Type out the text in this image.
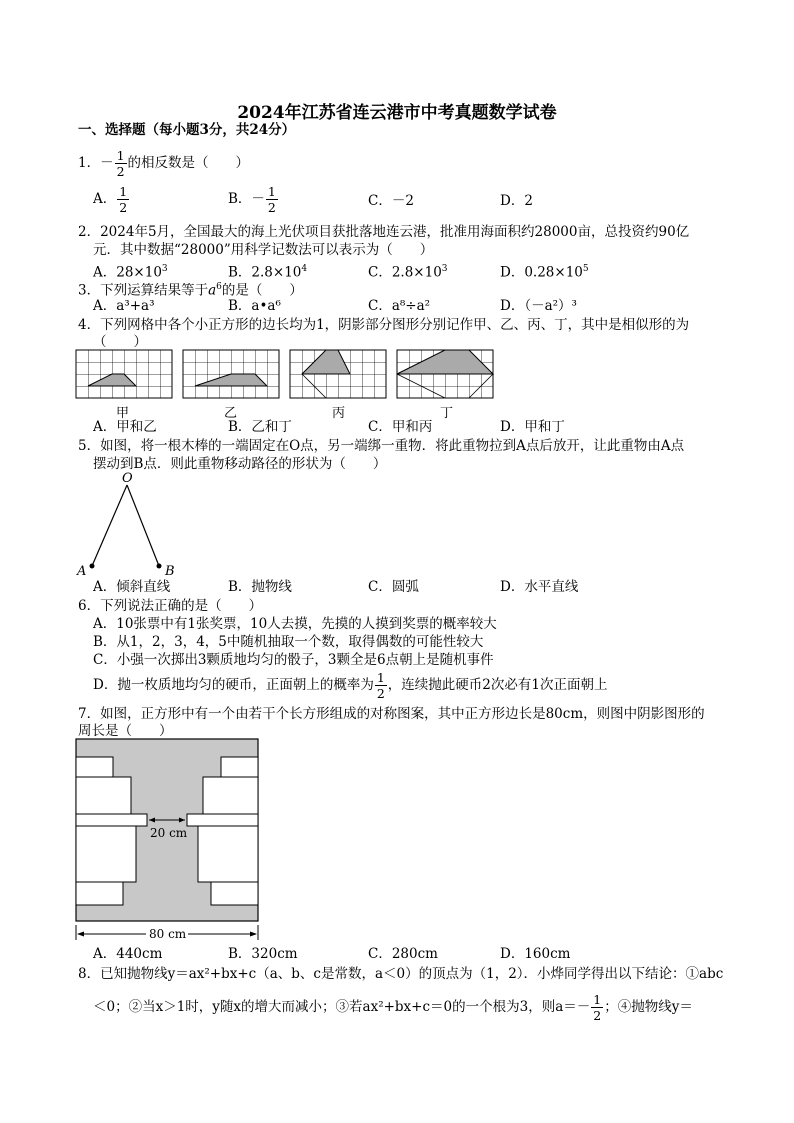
2024年江苏省连云港市中考真题数学试卷
一、选择题（每小题3分，共24分）
1．－ $\frac{1}{2}$ 的相反数是（　　）
A． $\frac{1}{2}$	B．－ $\frac{1}{2}$	C．－2	D．2
2．2024年5月，全国最大的海上光伏项目获批落地连云港，批准用海面积约28000亩，总投资约90亿
元．其中数据“28000”用科学记数法可以表示为（　　）
A．$28\times 10^3$	B．$2.8\times 10^4$	C．$2.8\times 10^3$	D．$0.28\times 10^5$
3．下列运算结果等于$a^6$的是（　　）
A．a³+a³	B．a•a⁶	C．a⁸÷a²	D．（－a²）³
4．下列网格中各个小正方形的边长均为1，阴影部分图形分别记作甲、乙、丙、丁，其中是相似形的为
（　　）
甲	乙	丙	丁
A．甲和乙	B．乙和丁	C．甲和丙	D．甲和丁
5．如图，将一根木棒的一端固定在O点，另一端绑一重物．将此重物拉到A点后放开，让此重物由A点
摆动到B点．则此重物移动路径的形状为（　　）
O
A	B
A．倾斜直线	B．抛物线	C．圆弧	D．水平直线
6．下列说法正确的是（　　）
A．10张票中有1张奖票，10人去摸，先摸的人摸到奖票的概率较大
B．从1，2，3，4，5中随机抽取一个数，取得偶数的可能性较大
C．小强一次掷出3颗质地均匀的骰子，3颗全是6点朝上是随机事件
D．抛一枚质地均匀的硬币，正面朝上的概率为 $\frac{1}{2}$ ，连续抛此硬币2次必有1次正面朝上
7．如图，正方形中有一个由若干个长方形组成的对称图案，其中正方形边长是80cm，则图中阴影图形的
周长是（　　）
20 cm
80 cm
A．440cm	B．320cm	C．280cm	D．160cm
8．已知抛物线y＝ax²+bx+c（a、b、c是常数，a＜0）的顶点为（1，2）．小烨同学得出以下结论：①abc
＜0；②当x＞1时，y随x的增大而减小；③若ax²+bx+c＝0的一个根为3，则$a=- \frac{1}{2}$ ；④抛物线y＝
